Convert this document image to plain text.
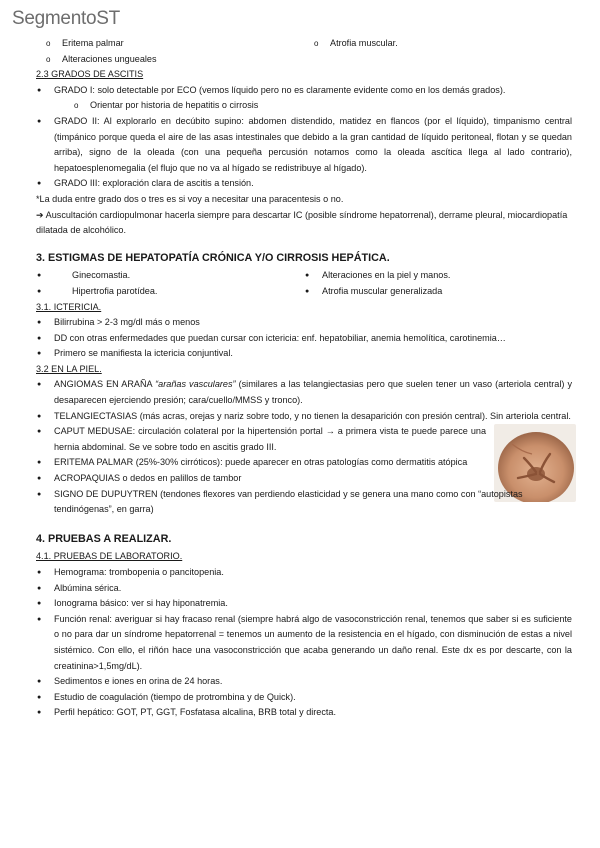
SegmentoST
o Eritema palmar
o Alteraciones ungueales
o Atrofia muscular.
2.3 GRADOS DE ASCITIS
● GRADO I: solo detectable por ECO (vemos líquido pero no es claramente evidente como en los demás grados).
o Orientar por historia de hepatitis o cirrosis
● GRADO II: Al explorarlo en decúbito supino: abdomen distendido, matidez en flancos (por el líquido), timpanismo central (timpánico porque queda el aire de las asas intestinales que debido a la gran cantidad de líquido peritoneal, flotan y se quedan arriba), signo de la oleada (con una pequeña percusión notamos como la oleada ascítica llega al lado contrario), hepatoesplenomegalia (el flujo que no va al hígado se redistribuye al hígado).
● GRADO III: exploración clara de ascitis a tensión.
*La duda entre grado dos o tres es si voy a necesitar una paracentesis o no.
➔ Auscultación cardiopulmonar hacerla siempre para descartar IC (posible síndrome hepatorrenal), derrame pleural, miocardiopatía dilatada de alcohólico.
3. ESTIGMAS DE HEPATOPATÍA CRÓNICA Y/O CIRROSIS HEPÁTICA.
● Ginecomastia.
● Hipertrofia parotídea.
● Alteraciones en la piel y manos.
● Atrofia muscular generalizada
3.1. ICTERICIA.
● Bilirrubina > 2-3 mg/dl más o menos
● DD con otras enfermedades que puedan cursar con ictericia: enf. hepatobiliar, anemia hemolítica, carotinemia…
● Primero se manifiesta la ictericia conjuntival.
3.2 EN LA PIEL.
● ANGIOMAS EN ARAÑA “arañas vasculares” (similares a las telangiectasias pero que suelen tener un vaso (arteriola central) y desaparecen ejerciendo presión; cara/cuello/MMSS y tronco).
● TELANGIECTASIAS (más acras, orejas y nariz sobre todo, y no tienen la desaparición con presión central). Sin arteriola central.
● CAPUT MEDUSAE: circulación colateral por la hipertensión portal → a primera vista te puede parece una hernia abdominal. Se ve sobre todo en ascitis grado III.
● ERITEMA PALMAR (25%-30% cirróticos): puede aparecer en otras patologías como dermatitis atópica
● ACROPAQUIAS o dedos en palillos de tambor
● SIGNO DE DUPUYTREN (tendones flexores van perdiendo elasticidad y se genera una mano como con “autopistas tendinógenas”, en garra)
4. PRUEBAS A REALIZAR.
4.1. PRUEBAS DE LABORATORIO.
● Hemograma: trombopenia o pancitopenia.
● Albúmina sérica.
● Ionograma básico: ver si hay hiponatremia.
● Función renal: averiguar si hay fracaso renal (siempre habrá algo de vasoconstricción renal, tenemos que saber si es suficiente o no para dar un síndrome hepatorrenal = tenemos un aumento de la resistencia en el hígado, con disminución de estas a nivel sistémico. Con ello, el riñón hace una vasoconstricción que acaba generando un daño renal. Este dx es por descarte, con la creatinina>1,5mg/dL).
● Sedimentos e iones en orina de 24 horas.
● Estudio de coagulación (tiempo de protrombina y de Quick).
● Perfil hepático: GOT, PT, GGT, Fosfatasa alcalina, BRB total y directa.
